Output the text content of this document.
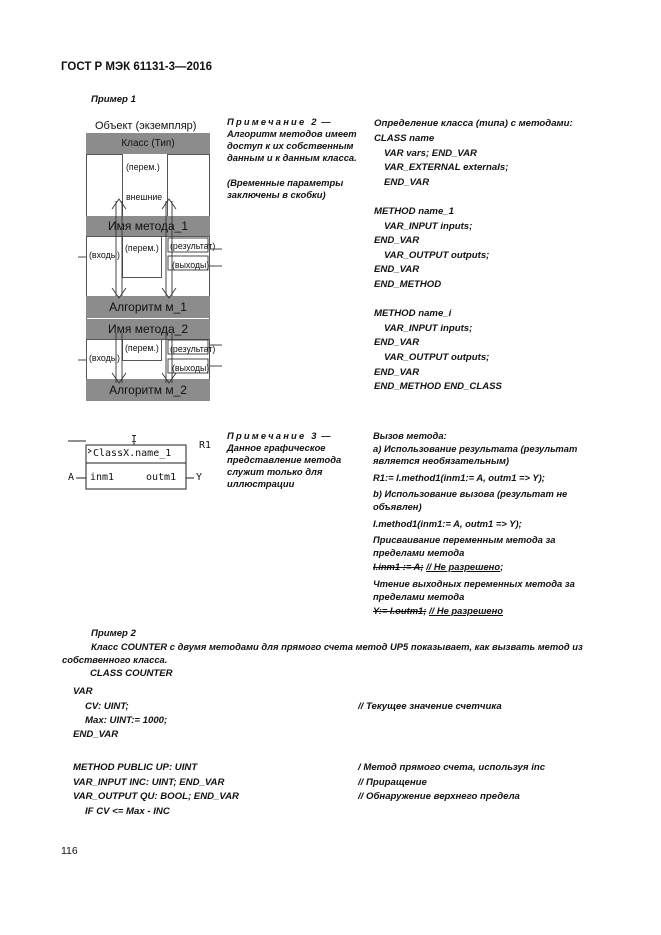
ГОСТ Р МЭК 61131-3—2016
Пример 1
Объект (экземпляр)
Класс (Тип)
(перем.)
внешние
Имя метода_1
(перем.)
(входы)
(результат)
(выходы)
Алгоритм м_1
Имя метода_2
(перем.)
(входы)
(результат)
(выходы)
Алгоритм м_2
Примечание 2 — Алгоритм методов имеет доступ к их собственным данным и к данным класса.
(Временные параметры заключены в скобки)
Определение класса (типа) с методами:
CLASS name
VAR vars; END_VAR
VAR_EXTERNAL externals;
END_VAR
METHOD name_1
VAR_INPUT inputs;
END_VAR
VAR_OUTPUT outputs;
END_VAR
END_METHOD
METHOD name_i
VAR_INPUT inputs;
END_VAR
VAR_OUTPUT outputs;
END_VAR
END_METHOD END_CLASS
I
R1
ClassX.name_1
inm1	outm1
A	Y
Примечание 3 — Данное графическое представление метода служит только для иллюстрации
Вызов метода:
a) Использование результата (результат является необязательным)
R1:= I.method1(inm1:= A, outm1 => Y);
b) Использование вызова (результат не объявлен)
I.method1(inm1:= A, outm1 => Y);
Присваивание переменным метода за пределами метода
I.inm1 := A; // Не разрешено;
Чтение выходных переменных метода за пределами метода
Y:= I.outm1; // Не разрешено
Пример 2
Класс COUNTER с двумя методами для прямого счета метод UP5 показывает, как вызвать метод из собственного класса.
CLASS COUNTER
VAR
CV: UINT;	// Текущее значение счетчика
Max: UINT:= 1000;
END_VAR
METHOD PUBLIC UP: UINT	/ Метод прямого счета, используя inc
VAR_INPUT INC: UINT; END_VAR	// Приращение
VAR_OUTPUT QU: BOOL; END_VAR	// Обнаружение верхнего предела
IF CV <= Max - INC
116
